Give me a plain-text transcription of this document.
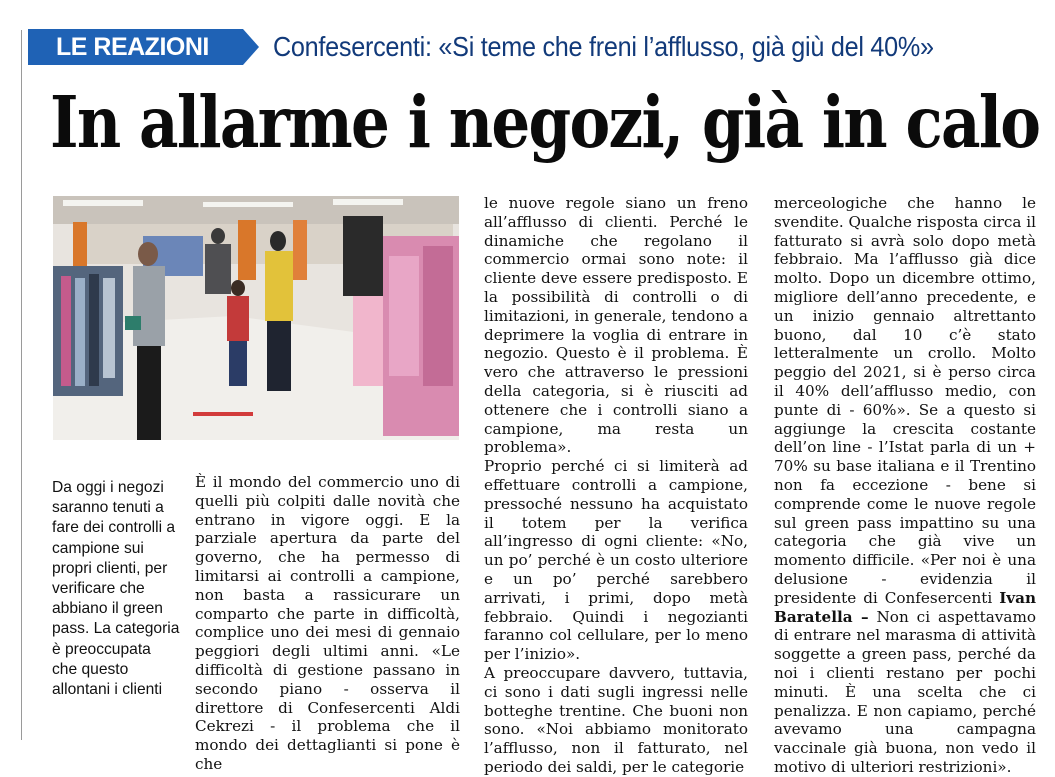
LE REAZIONI Confesercenti: «Si teme che freni l’afflusso, già giù del 40%»
In allarme i negozi, già in calo
Da oggi i negozi saranno tenuti a fare dei controlli a campione sui propri clienti, per verificare che abbiano il green pass. La categoria è preoccupata che questo allontani i clienti

È il mondo del commercio uno di quelli più colpiti dalle novità che entrano in vigore oggi. E la parziale apertura da parte del governo, che ha permesso di limitarsi ai controlli a campione, non basta a rassicurare un comparto che parte in difficoltà, complice uno dei mesi di gennaio peggiori degli ultimi anni. «Le difficoltà di gestione passano in secondo piano - osserva il direttore di Confesercenti Aldi Cekrezi - il problema che il mondo dei dettaglianti si pone è che

le nuove regole siano un freno all’afflusso di clienti. Perché le dinamiche che regolano il commercio ormai sono note: il cliente deve essere predisposto. E la possibilità di controlli o di limitazioni, in generale, tendono a deprimere la voglia di entrare in negozio. Questo è il problema. È vero che attraverso le pressioni della categoria, si è riusciti ad ottenere che i controlli siano a campione, ma resta un problema».

Proprio perché ci si limiterà ad effettuare controlli a campione, pressoché nessuno ha acquistato il totem per la verifica all’ingresso di ogni cliente: «No, un po’ perché è un costo ulteriore e un po’ perché sarebbero arrivati, i primi, dopo metà febbraio. Quindi i negozianti faranno col cellulare, per lo meno per l’inizio».

A preoccupare davvero, tuttavia, ci sono i dati sugli ingressi nelle botteghe trentine. Che buoni non sono. «Noi abbiamo monitorato l’afflusso, non il fatturato, nel periodo dei saldi, per le categorie

merceologiche che hanno le svendite. Qualche risposta circa il fatturato si avrà solo dopo metà febbraio. Ma l’afflusso già dice molto. Dopo un dicembre ottimo, migliore dell’anno precedente, e un inizio gennaio altrettanto buono, dal 10 c’è stato letteralmente un crollo. Molto peggio del 2021, si è perso circa il 40% dell’afflusso medio, con punte di - 60%». Se a questo si aggiunge la crescita costante dell’on line - l’Istat parla di un + 70% su base italiana e il Trentino non fa eccezione - bene si comprende come le nuove regole sul green pass impattino su una categoria che già vive un momento difficile. «Per noi è una delusione - evidenzia il presidente di Confesercenti Ivan Baratella – Non ci aspettavamo di entrare nel marasma di attività soggette a green pass, perché da noi i clienti restano per pochi minuti. È una scelta che ci penalizza. E non capiamo, perché avevamo una campagna vaccinale già buona, non vedo il motivo di ulteriori restrizioni».
